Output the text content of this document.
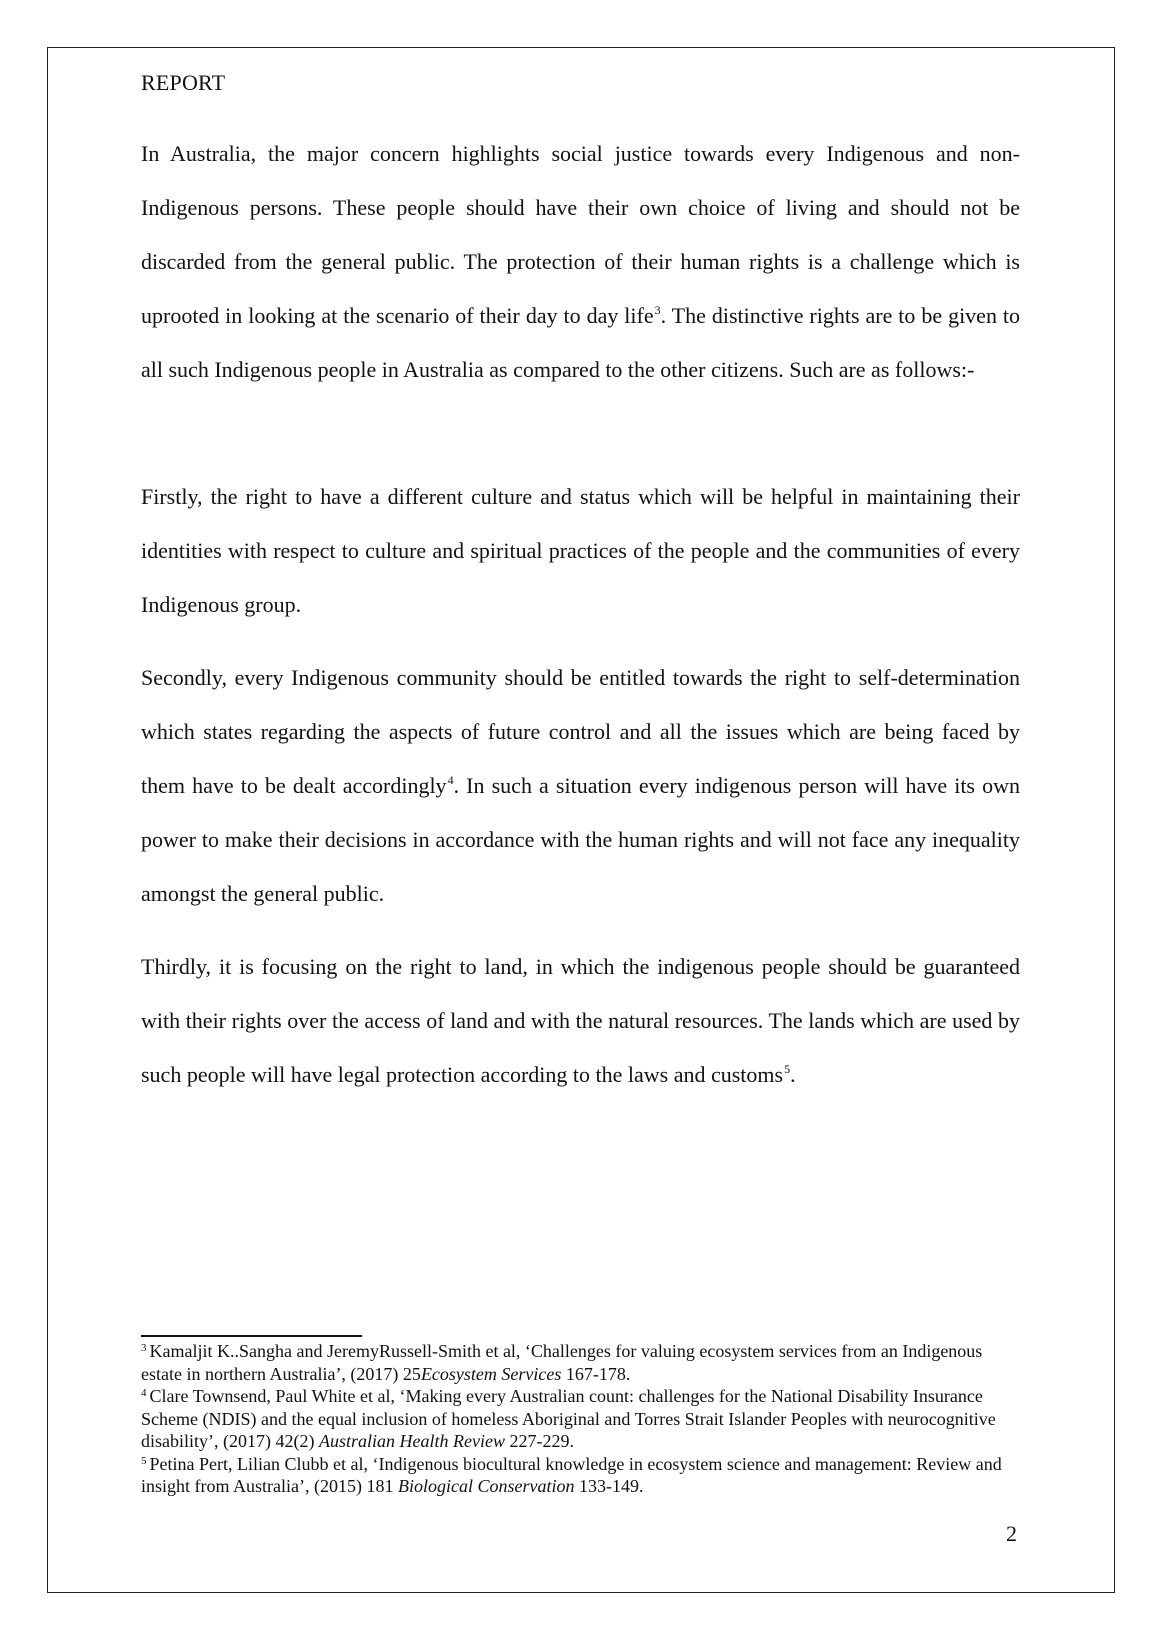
REPORT

In Australia, the major concern highlights social justice towards every Indigenous and non-Indigenous persons. These people should have their own choice of living and should not be discarded from the general public. The protection of their human rights is a challenge which is uprooted in looking at the scenario of their day to day life$^3$. The distinctive rights are to be given to all such Indigenous people in Australia as compared to the other citizens. Such are as follows:-

Firstly, the right to have a different culture and status which will be helpful in maintaining their identities with respect to culture and spiritual practices of the people and the communities of every Indigenous group.

Secondly, every Indigenous community should be entitled towards the right to self-determination which states regarding the aspects of future control and all the issues which are being faced by them have to be dealt accordingly$^4$. In such a situation every indigenous person will have its own power to make their decisions in accordance with the human rights and will not face any inequality amongst the general public.

Thirdly, it is focusing on the right to land, in which the indigenous people should be guaranteed with their rights over the access of land and with the natural resources. The lands which are used by such people will have legal protection according to the laws and customs$^5$.

$^3$ Kamaljit K..Sangha and JeremyRussell-Smith et al, ‘Challenges for valuing ecosystem services from an Indigenous estate in northern Australia’, (2017) 25Ecosystem Services 167-178.

$^4$ Clare Townsend, Paul White et al, ‘Making every Australian count: challenges for the National Disability Insurance Scheme (NDIS) and the equal inclusion of homeless Aboriginal and Torres Strait Islander Peoples with neurocognitive disability’, (2017) 42(2) Australian Health Review 227-229.

$^5$ Petina Pert, Lilian Clubb et al, ‘Indigenous biocultural knowledge in ecosystem science and management: Review and insight from Australia’, (2015) 181 Biological Conservation 133-149.

2
